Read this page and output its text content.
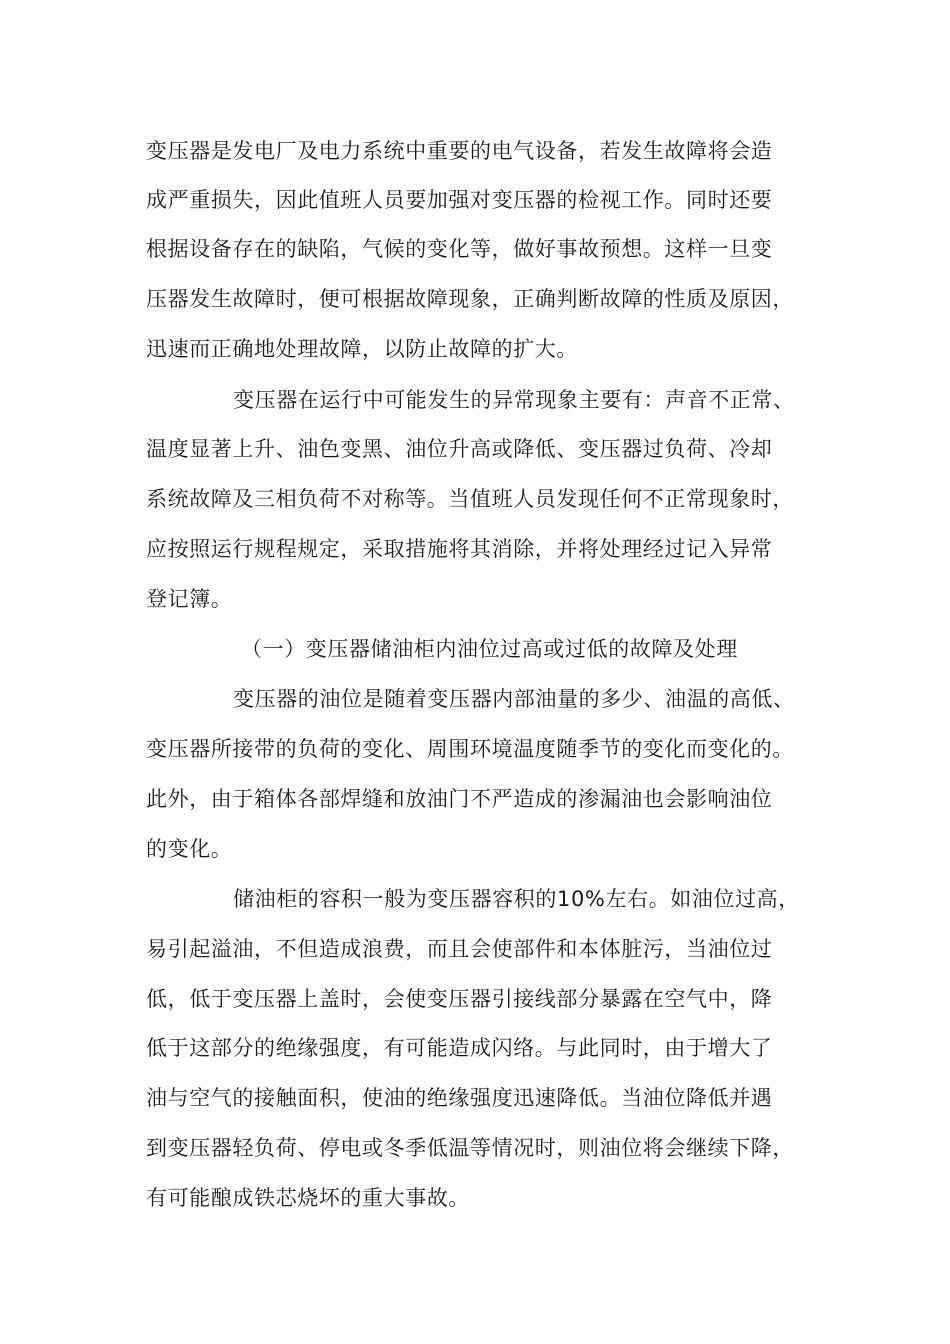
变压器是发电厂及电力系统中重要的电气设备，若发生故障将会造

成严重损失，因此值班人员要加强对变压器的检视工作。同时还要

根据设备存在的缺陷，气候的变化等，做好事故预想。这样一旦变

压器发生故障时，便可根据故障现象，正确判断故障的性质及原因，

迅速而正确地处理故障，以防止故障的扩大。

变压器在运行中可能发生的异常现象主要有：声音不正常、

温度显著上升、油色变黑、油位升高或降低、变压器过负荷、冷却

系统故障及三相负荷不对称等。当值班人员发现任何不正常现象时，

应按照运行规程规定，采取措施将其消除，并将处理经过记入异常

登记簿。

（一）变压器储油柜内油位过高或过低的故障及处理

变压器的油位是随着变压器内部油量的多少、油温的高低、

变压器所接带的负荷的变化、周围环境温度随季节的变化而变化的。

此外，由于箱体各部焊缝和放油门不严造成的渗漏油也会影响油位

的变化。

储油柜的容积一般为变压器容积的10%左右。如油位过高，

易引起溢油，不但造成浪费，而且会使部件和本体脏污，当油位过

低，低于变压器上盖时，会使变压器引接线部分暴露在空气中，降

低于这部分的绝缘强度，有可能造成闪络。与此同时，由于增大了

油与空气的接触面积，使油的绝缘强度迅速降低。当油位降低并遇

到变压器轻负荷、停电或冬季低温等情况时，则油位将会继续下降，

有可能酿成铁芯烧坏的重大事故。
